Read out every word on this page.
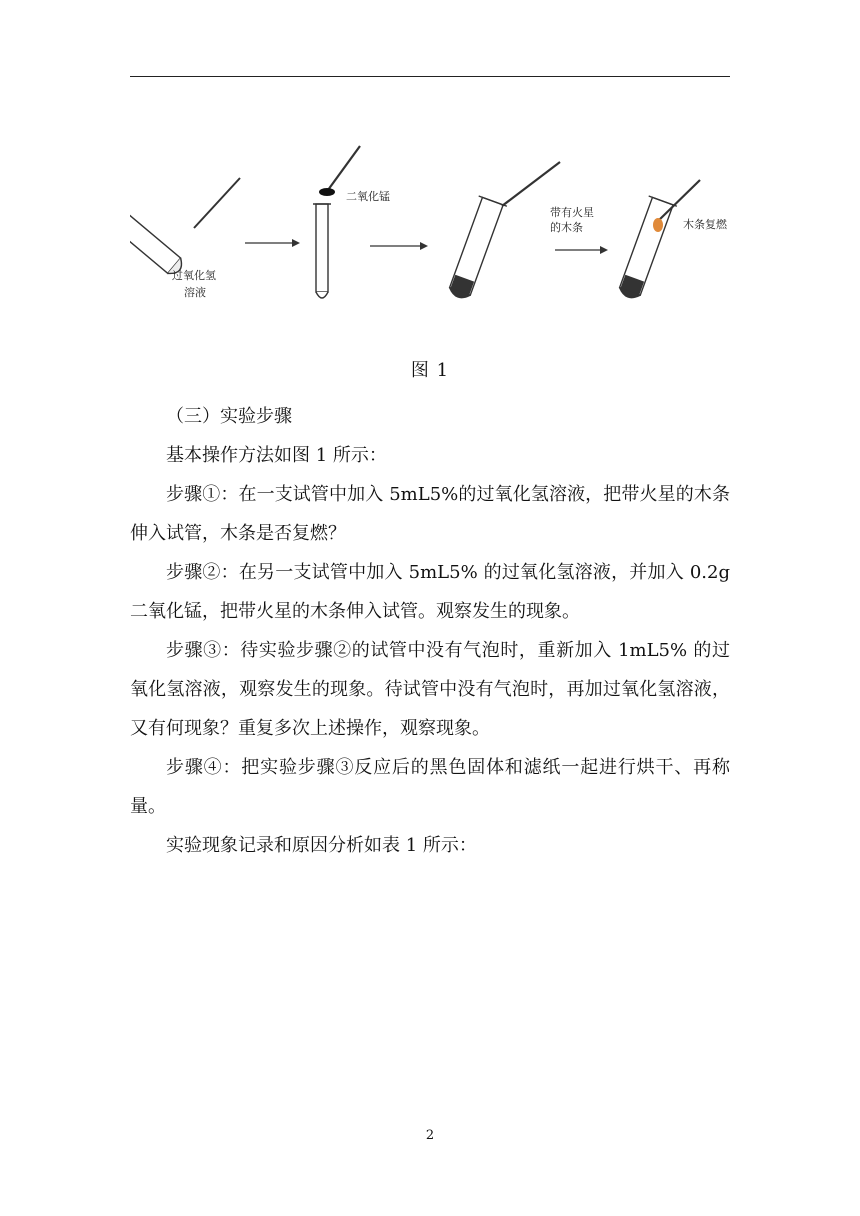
过氧化氢
溶液
二氧化锰
带有火星
的木条	木条复燃
图 1

（三）实验步骤

基本操作方法如图 1 所示：

步骤①：在一支试管中加入 5mL5%的过氧化氢溶液，把带火星的木条伸入试管，木条是否复燃？

步骤②：在另一支试管中加入 5mL5% 的过氧化氢溶液，并加入 0.2g 二氧化锰，把带火星的木条伸入试管。观察发生的现象。

步骤③：待实验步骤②的试管中没有气泡时，重新加入 1mL5% 的过氧化氢溶液，观察发生的现象。待试管中没有气泡时，再加过氧化氢溶液，又有何现象？重复多次上述操作，观察现象。

步骤④：把实验步骤③反应后的黑色固体和滤纸一起进行烘干、再称量。

实验现象记录和原因分析如表 1 所示：

2
